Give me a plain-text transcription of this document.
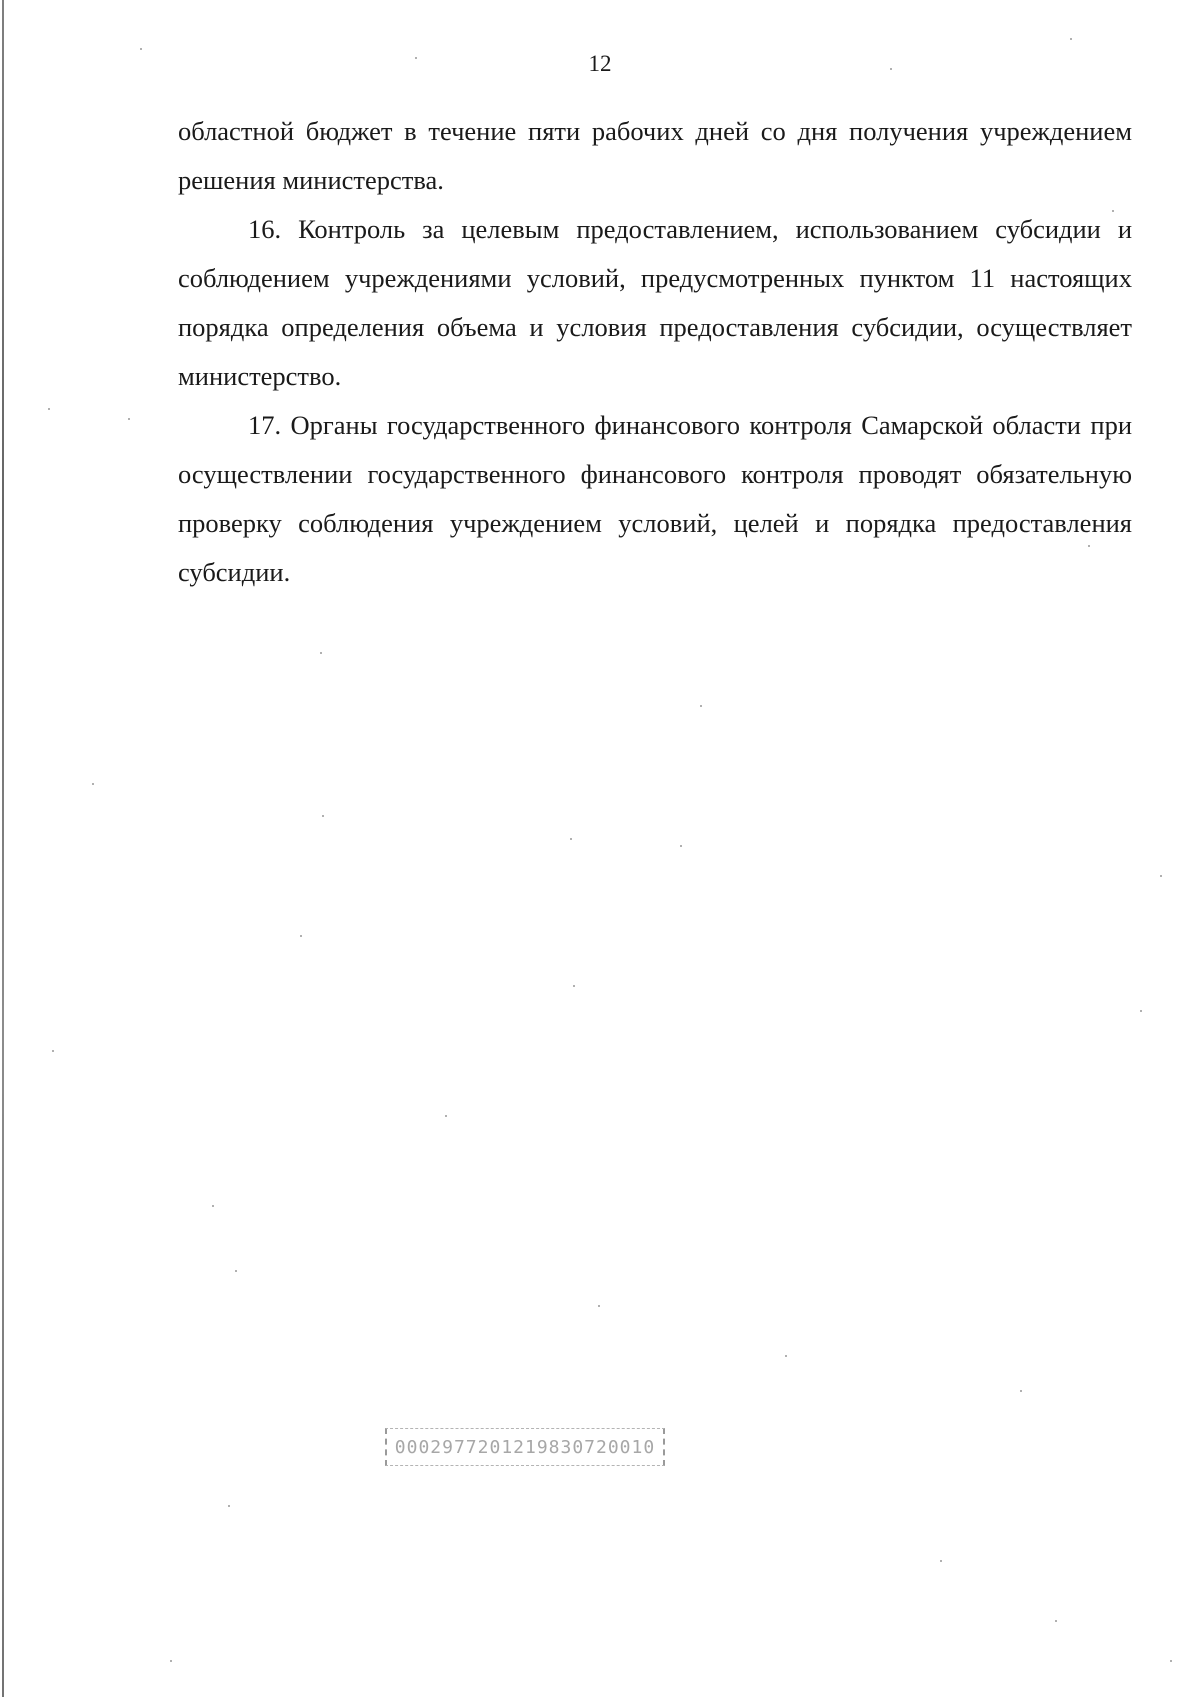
12

областной бюджет в течение пяти рабочих дней со дня получения учреждением решения министерства.

16. Контроль за целевым предоставлением, использованием субсидии и соблюдением учреждениями условий, предусмотренных пунктом 11 настоящих порядка определения объема и условия предоставления субсидии, осуществляет министерство.

17. Органы государственного финансового контроля Самарской области при осуществлении государственного финансового контроля проводят обязательную проверку соблюдения учреждением условий, целей и порядка предоставления субсидии.

0002977201219830720010
